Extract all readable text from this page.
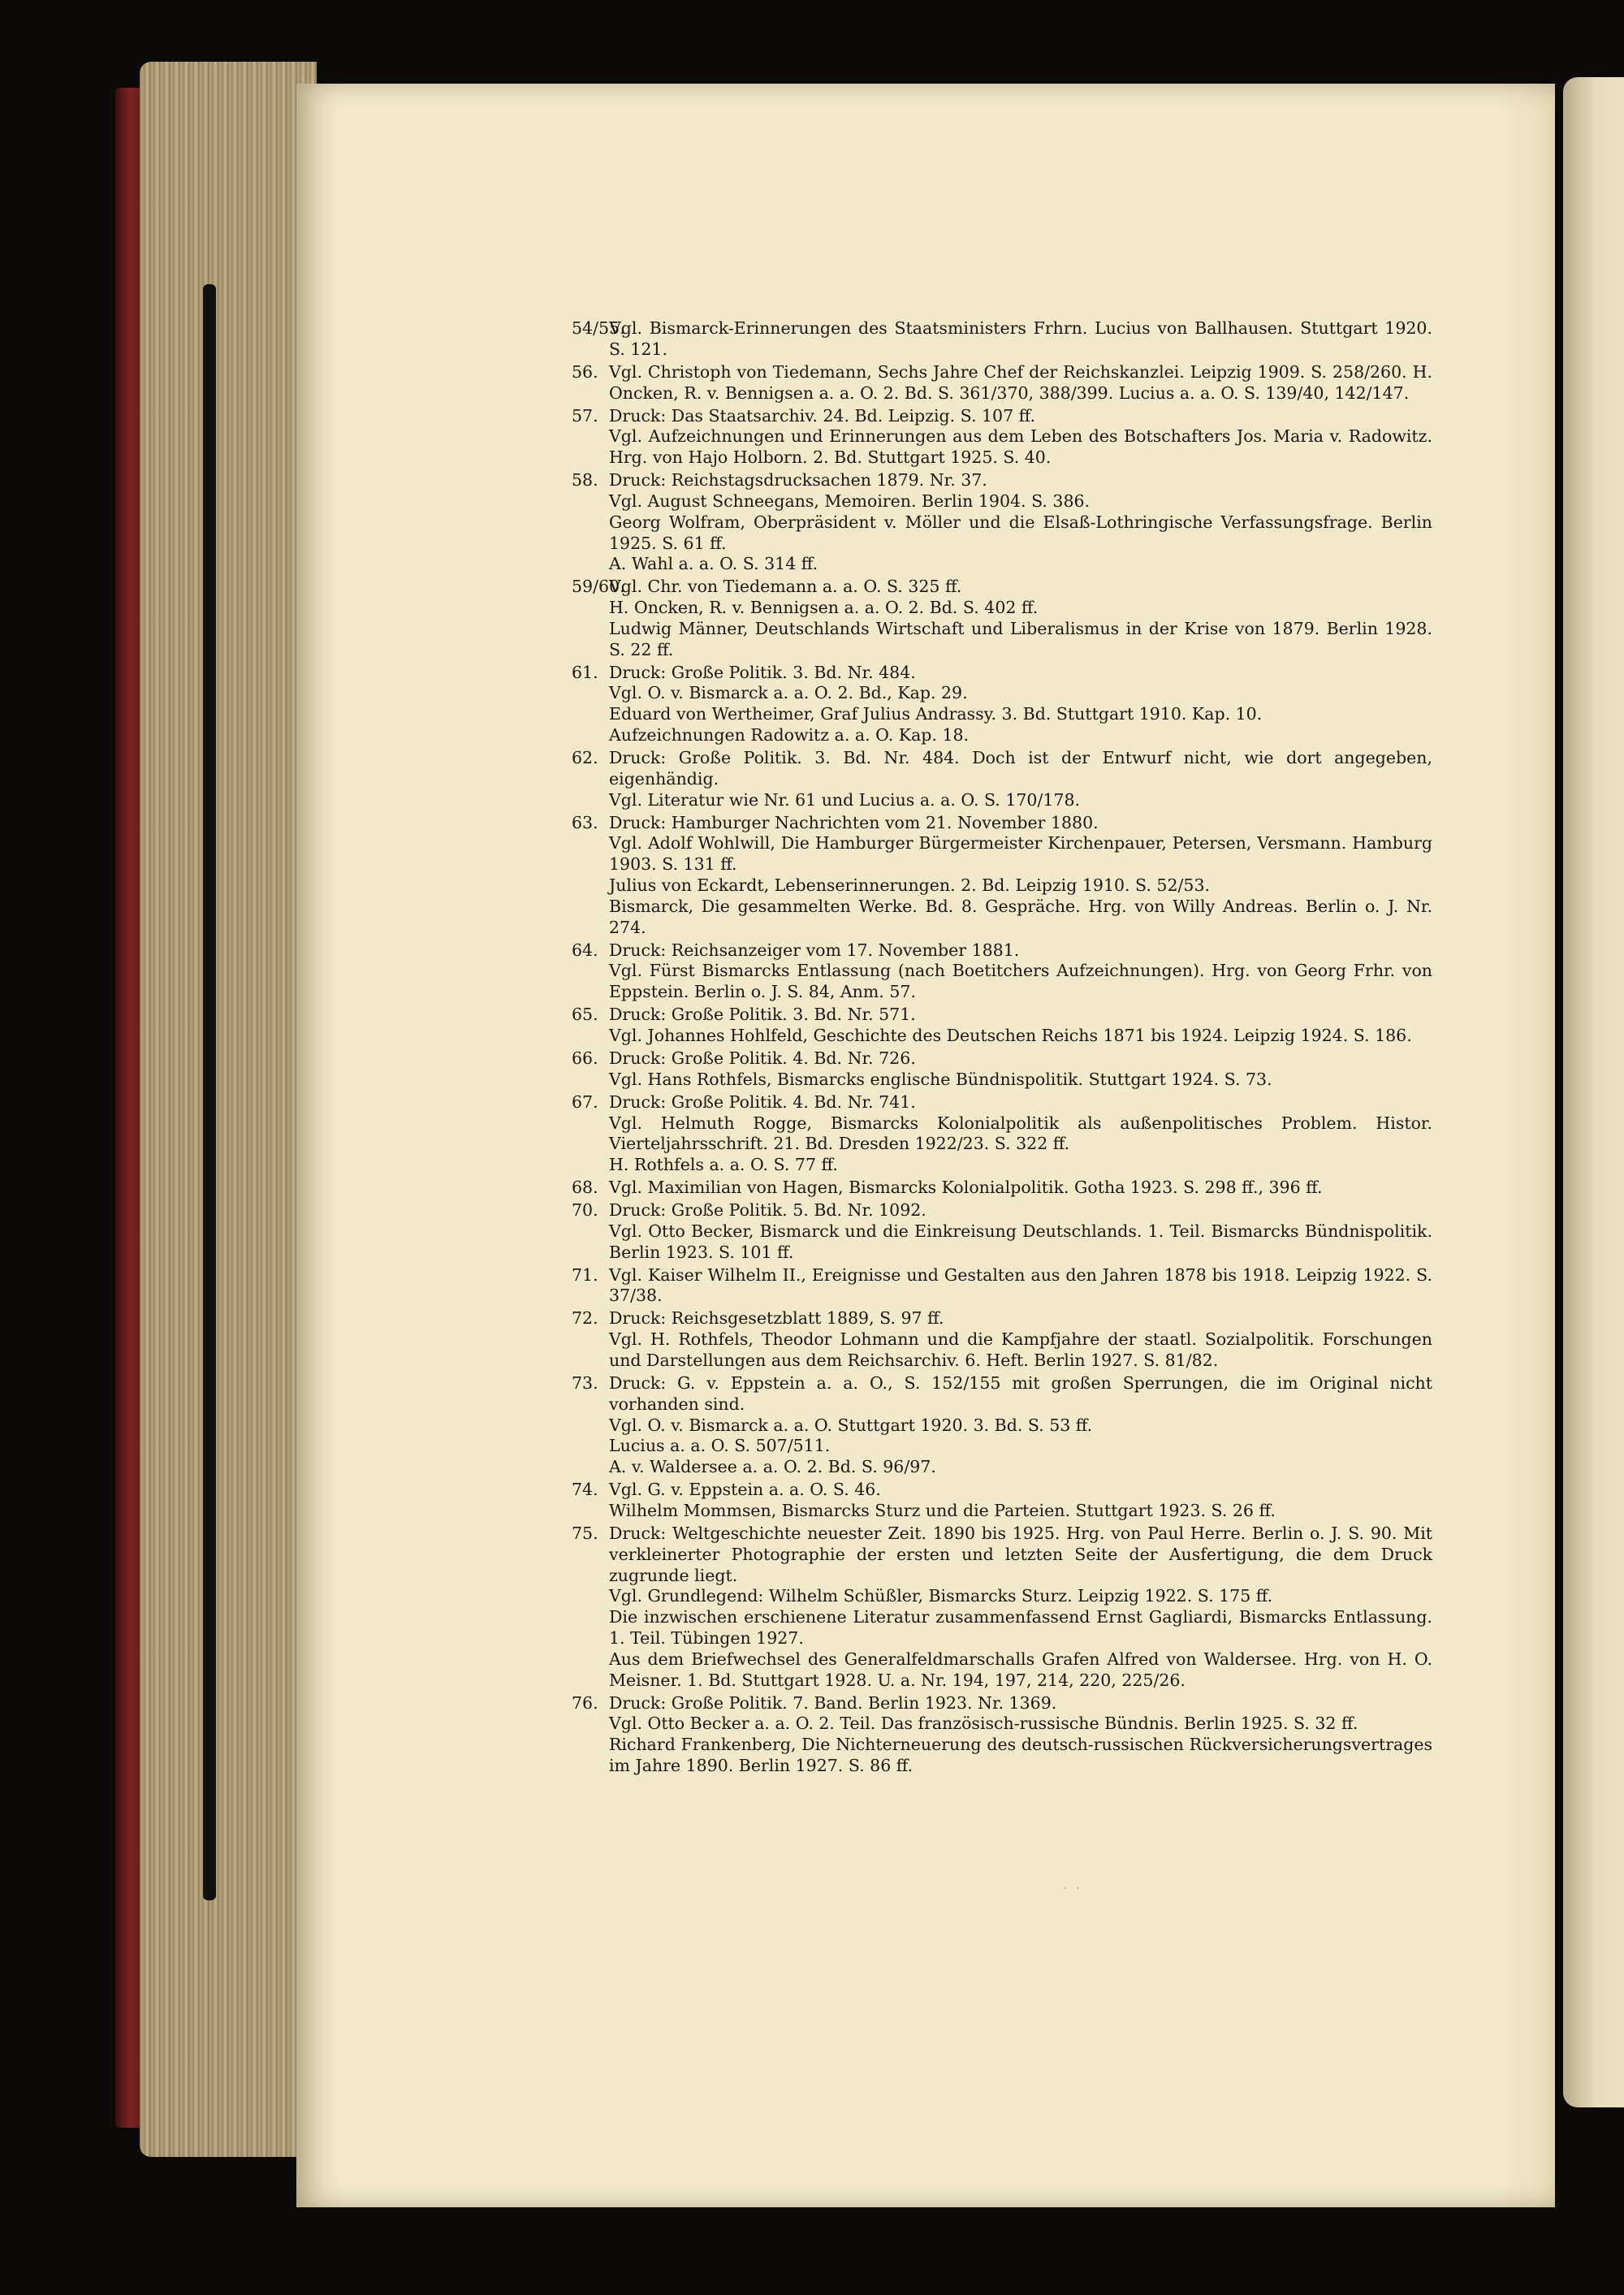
54/55.
Vgl. Bismarck-Erinnerungen des Staatsministers Frhrn. Lucius von Ballhausen. Stuttgart 1920. S. 121.
56. Vgl. Christoph von Tiedemann, Sechs Jahre Chef der Reichskanzlei. Leipzig 1909. S. 258/260. H. Oncken, R. v. Bennigsen a. a. O. 2. Bd. S. 361/370, 388/399. Lucius a. a. O. S. 139/40, 142/147.
57. Druck: Das Staatsarchiv. 24. Bd. Leipzig. S. 107 ff.
Vgl. Aufzeichnungen und Erinnerungen aus dem Leben des Botschafters Jos. Maria v. Radowitz. Hrg. von Hajo Holborn. 2. Bd. Stuttgart 1925. S. 40.
58. Druck: Reichstagsdrucksachen 1879. Nr. 37.
Vgl. August Schneegans, Memoiren. Berlin 1904. S. 386.
Georg Wolfram, Oberpräsident v. Möller und die Elsaß-Lothringische Verfassungsfrage. Berlin 1925. S. 61 ff.
A. Wahl a. a. O. S. 314 ff.
59/60.
Vgl. Chr. von Tiedemann a. a. O. S. 325 ff.
H. Oncken, R. v. Bennigsen a. a. O. 2. Bd. S. 402 ff.
Ludwig Männer, Deutschlands Wirtschaft und Liberalismus in der Krise von 1879. Berlin 1928. S. 22 ff.
61. Druck: Große Politik. 3. Bd. Nr. 484.
Vgl. O. v. Bismarck a. a. O. 2. Bd., Kap. 29.
Eduard von Wertheimer, Graf Julius Andrassy. 3. Bd. Stuttgart 1910. Kap. 10.
Aufzeichnungen Radowitz a. a. O. Kap. 18.
62. Druck: Große Politik. 3. Bd. Nr. 484. Doch ist der Entwurf nicht, wie dort angegeben, eigenhändig.
Vgl. Literatur wie Nr. 61 und Lucius a. a. O. S. 170/178.
63. Druck: Hamburger Nachrichten vom 21. November 1880.
Vgl. Adolf Wohlwill, Die Hamburger Bürgermeister Kirchenpauer, Petersen, Versmann. Hamburg 1903. S. 131 ff.
Julius von Eckardt, Lebenserinnerungen. 2. Bd. Leipzig 1910. S. 52/53.
Bismarck, Die gesammelten Werke. Bd. 8. Gespräche. Hrg. von Willy Andreas. Berlin o. J. Nr. 274.
64. Druck: Reichsanzeiger vom 17. November 1881.
Vgl. Fürst Bismarcks Entlassung (nach Boetitchers Aufzeichnungen). Hrg. von Georg Frhr. von Eppstein. Berlin o. J. S. 84, Anm. 57.
65. Druck: Große Politik. 3. Bd. Nr. 571.
Vgl. Johannes Hohlfeld, Geschichte des Deutschen Reichs 1871 bis 1924. Leipzig 1924. S. 186.
66. Druck: Große Politik. 4. Bd. Nr. 726.
Vgl. Hans Rothfels, Bismarcks englische Bündnispolitik. Stuttgart 1924. S. 73.
67. Druck: Große Politik. 4. Bd. Nr. 741.
Vgl. Helmuth Rogge, Bismarcks Kolonialpolitik als außenpolitisches Problem. Histor. Vierteljahrsschrift. 21. Bd. Dresden 1922/23. S. 322 ff.
H. Rothfels a. a. O. S. 77 ff.
68. Vgl. Maximilian von Hagen, Bismarcks Kolonialpolitik. Gotha 1923. S. 298 ff., 396 ff.
70. Druck: Große Politik. 5. Bd. Nr. 1092.
Vgl. Otto Becker, Bismarck und die Einkreisung Deutschlands. 1. Teil. Bismarcks Bündnispolitik. Berlin 1923. S. 101 ff.
71. Vgl. Kaiser Wilhelm II., Ereignisse und Gestalten aus den Jahren 1878 bis 1918. Leipzig 1922. S. 37/38.
72. Druck: Reichsgesetzblatt 1889, S. 97 ff.
Vgl. H. Rothfels, Theodor Lohmann und die Kampfjahre der staatl. Sozialpolitik. Forschungen und Darstellungen aus dem Reichsarchiv. 6. Heft. Berlin 1927. S. 81/82.
73. Druck: G. v. Eppstein a. a. O., S. 152/155 mit großen Sperrungen, die im Original nicht vorhanden sind.
Vgl. O. v. Bismarck a. a. O. Stuttgart 1920. 3. Bd. S. 53 ff.
Lucius a. a. O. S. 507/511.
A. v. Waldersee a. a. O. 2. Bd. S. 96/97.
74. Vgl. G. v. Eppstein a. a. O. S. 46.
Wilhelm Mommsen, Bismarcks Sturz und die Parteien. Stuttgart 1923. S. 26 ff.
75. Druck: Weltgeschichte neuester Zeit. 1890 bis 1925. Hrg. von Paul Herre. Berlin o. J. S. 90. Mit verkleinerter Photographie der ersten und letzten Seite der Ausfertigung, die dem Druck zugrunde liegt.
Vgl. Grundlegend: Wilhelm Schüßler, Bismarcks Sturz. Leipzig 1922. S. 175 ff.
Die inzwischen erschienene Literatur zusammenfassend Ernst Gagliardi, Bismarcks Entlassung. 1. Teil. Tübingen 1927.
Aus dem Briefwechsel des Generalfeldmarschalls Grafen Alfred von Waldersee. Hrg. von H. O. Meisner. 1. Bd. Stuttgart 1928. U. a. Nr. 194, 197, 214, 220, 225/26.
76. Druck: Große Politik. 7. Band. Berlin 1923. Nr. 1369.
Vgl. Otto Becker a. a. O. 2. Teil. Das französisch-russische Bündnis. Berlin 1925. S. 32 ff.
Richard Frankenberg, Die Nichterneuerung des deutsch-russischen Rückversicherungsvertrages im Jahre 1890. Berlin 1927. S. 86 ff.
· ·
